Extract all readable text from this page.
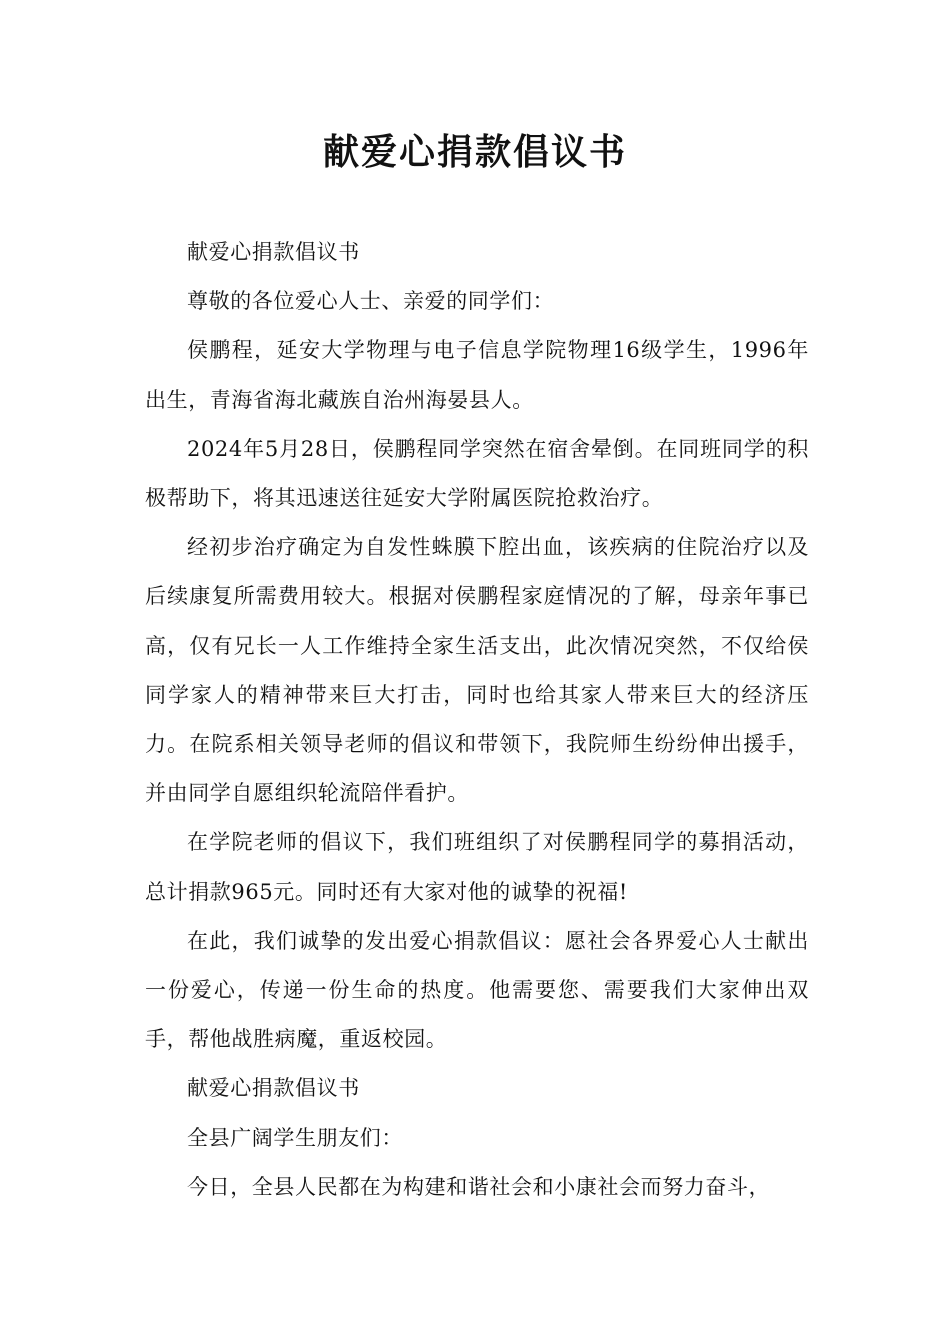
献爱心捐款倡议书

献爱心捐款倡议书

尊敬的各位爱心人士、亲爱的同学们：

侯鹏程，延安大学物理与电子信息学院物理16级学生，1996年出生，青海省海北藏族自治州海晏县人。

2024年5月28日，侯鹏程同学突然在宿舍晕倒。在同班同学的积极帮助下，将其迅速送往延安大学附属医院抢救治疗。

经初步治疗确定为自发性蛛膜下腔出血，该疾病的住院治疗以及后续康复所需费用较大。根据对侯鹏程家庭情况的了解，母亲年事已高，仅有兄长一人工作维持全家生活支出，此次情况突然，不仅给侯同学家人的精神带来巨大打击，同时也给其家人带来巨大的经济压力。在院系相关领导老师的倡议和带领下，我院师生纷纷伸出援手，并由同学自愿组织轮流陪伴看护。

在学院老师的倡议下，我们班组织了对侯鹏程同学的募捐活动，总计捐款965元。同时还有大家对他的诚挚的祝福!

在此，我们诚挚的发出爱心捐款倡议：愿社会各界爱心人士献出一份爱心，传递一份生命的热度。他需要您、需要我们大家伸出双手，帮他战胜病魔，重返校园。

献爱心捐款倡议书

全县广阔学生朋友们：

今日，全县人民都在为构建和谐社会和小康社会而努力奋斗，
